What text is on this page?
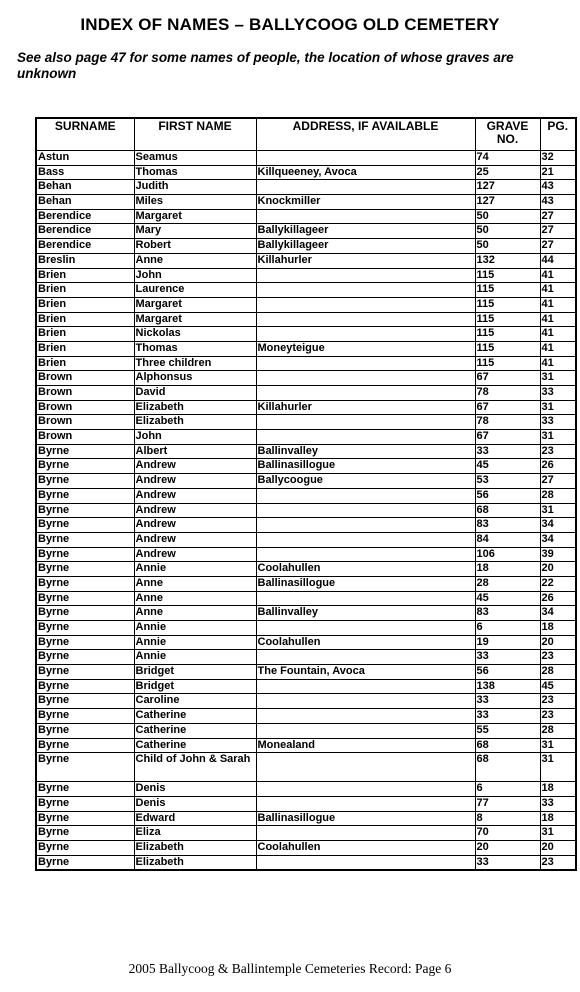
INDEX OF NAMES – BALLYCOOG OLD CEMETERY
See also page 47 for some names of people, the location of whose graves are unknown
SURNAME	FIRST NAME	ADDRESS, IF AVAILABLE	GRAVE NO.	PG.
Astun	Seamus		74	32
Bass	Thomas	Killqueeney, Avoca	25	21
Behan	Judith		127	43
Behan	Miles	Knockmiller	127	43
Berendice	Margaret		50	27
Berendice	Mary	Ballykillageer	50	27
Berendice	Robert	Ballykillageer	50	27
Breslin	Anne	Killahurler	132	44
Brien	John		115	41
Brien	Laurence		115	41
Brien	Margaret		115	41
Brien	Margaret		115	41
Brien	Nickolas		115	41
Brien	Thomas	Moneyteigue	115	41
Brien	Three children		115	41
Brown	Alphonsus		67	31
Brown	David		78	33
Brown	Elizabeth	Killahurler	67	31
Brown	Elizabeth		78	33
Brown	John		67	31
Byrne	Albert	Ballinvalley	33	23
Byrne	Andrew	Ballinasillogue	45	26
Byrne	Andrew	Ballycoogue	53	27
Byrne	Andrew		56	28
Byrne	Andrew		68	31
Byrne	Andrew		83	34
Byrne	Andrew		84	34
Byrne	Andrew		106	39
Byrne	Annie	Coolahullen	18	20
Byrne	Anne	Ballinasillogue	28	22
Byrne	Anne		45	26
Byrne	Anne	Ballinvalley	83	34
Byrne	Annie		6	18
Byrne	Annie	Coolahullen	19	20
Byrne	Annie		33	23
Byrne	Bridget	The Fountain, Avoca	56	28
Byrne	Bridget		138	45
Byrne	Caroline		33	23
Byrne	Catherine		33	23
Byrne	Catherine		55	28
Byrne	Catherine	Monealand	68	31
Byrne	Child of John & Sarah		68	31
Byrne	Denis		6	18
Byrne	Denis		77	33
Byrne	Edward	Ballinasillogue	8	18
Byrne	Eliza		70	31
Byrne	Elizabeth	Coolahullen	20	20
Byrne	Elizabeth		33	23
2005 Ballycoog & Ballintemple Cemeteries Record: Page 6
